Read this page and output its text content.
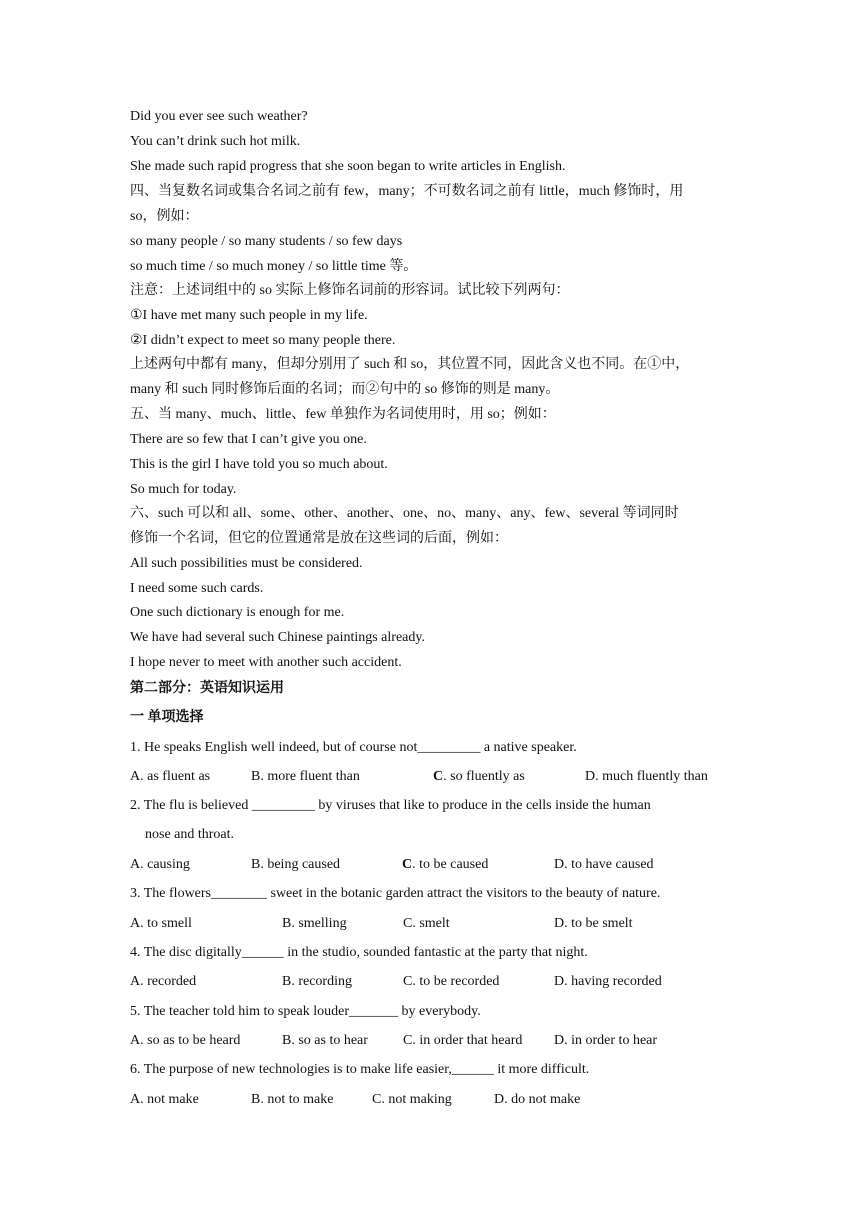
Did you ever see such weather?
You can’t drink such hot milk.
She made such rapid progress that she soon began to write articles in English.
四、当复数名词或集合名词之前有 few，many；不可数名词之前有 little，much 修饰时，用
so，例如：
so many people / so many students / so few days
so much time / so much money / so little time 等。
注意：上述词组中的 so 实际上修饰名词前的形容词。试比较下列两句：
①I have met many such people in my life.
②I didn’t expect to meet so many people there.
上述两句中都有 many，但却分别用了 such 和 so，其位置不同，因此含义也不同。在①中，
many 和 such 同时修饰后面的名词；而②句中的 so 修饰的则是 many。
五、当 many、much、little、few 单独作为名词使用时，用 so；例如：
There are so few that I can’t give you one.
This is the girl I have told you so much about.
So much for today.
六、such 可以和 all、some、other、another、one、no、many、any、few、several 等词同时
修饰一个名词，但它的位置通常是放在这些词的后面，例如：
All such possibilities must be considered.
I need some such cards.
One such dictionary is enough for me.
We have had several such Chinese paintings already.
I hope never to meet with another such accident.
第二部分：英语知识运用
一 单项选择
1. He speaks English well indeed, but of course not_________ a native speaker.
A. as fluent as	B. more fluent than	C. so fluently as	D. much fluently than
2. The flu is believed _________ by viruses that like to produce in the cells inside the human
nose and throat.
A. causing	B. being caused	C. to be caused	D. to have caused
3. The flowers________ sweet in the botanic garden attract the visitors to the beauty of nature.
A. to smell	B. smelling	C. smelt	D. to be smelt
4. The disc digitally______ in the studio, sounded fantastic at the party that night.
A. recorded	B. recording	C. to be recorded	D. having recorded
5. The teacher told him to speak louder_______ by everybody.
A. so as to be heard	B. so as to hear	C. in order that heard D. in order to hear
6. The purpose of new technologies is to make life easier,______ it more difficult.
A. not make	B. not to make	C. not making	D. do not make
